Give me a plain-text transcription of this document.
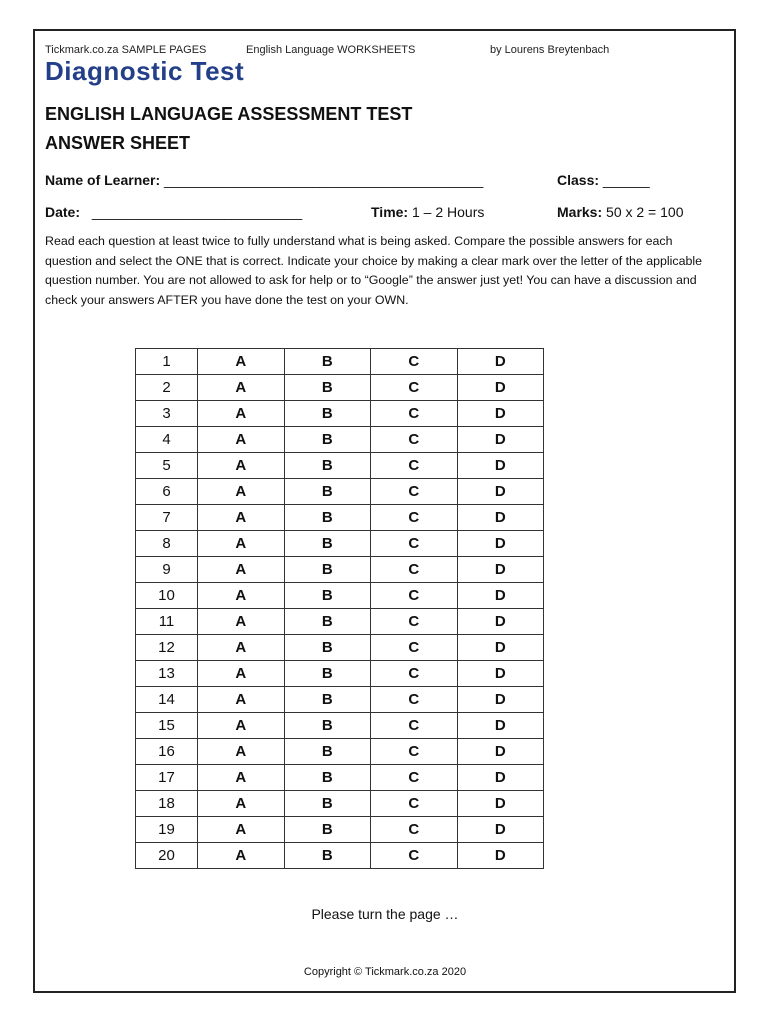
Tickmark.co.za SAMPLE PAGES	English Language WORKSHEETS	by Lourens Breytenbach
Diagnostic Test
ENGLISH LANGUAGE ASSESSMENT TEST
ANSWER SHEET
Name of Learner: _________________________________________	Class: ______
Date: ___________________________	Time: 1 – 2 Hours	Marks: 50 x 2 = 100
Read each question at least twice to fully understand what is being asked. Compare the possible answers for each question and select the ONE that is correct. Indicate your choice by making a clear mark over the letter of the applicable question number. You are not allowed to ask for help or to “Google” the answer just yet! You can have a discussion and check your answers AFTER you have done the test on your OWN.
1	A	B	C	D
2	A	B	C	D
3	A	B	C	D
4	A	B	C	D
5	A	B	C	D
6	A	B	C	D
7	A	B	C	D
8	A	B	C	D
9	A	B	C	D
10	A	B	C	D
11	A	B	C	D
12	A	B	C	D
13	A	B	C	D
14	A	B	C	D
15	A	B	C	D
16	A	B	C	D
17	A	B	C	D
18	A	B	C	D
19	A	B	C	D
20	A	B	C	D
Please turn the page …
Copyright © Tickmark.co.za 2020
